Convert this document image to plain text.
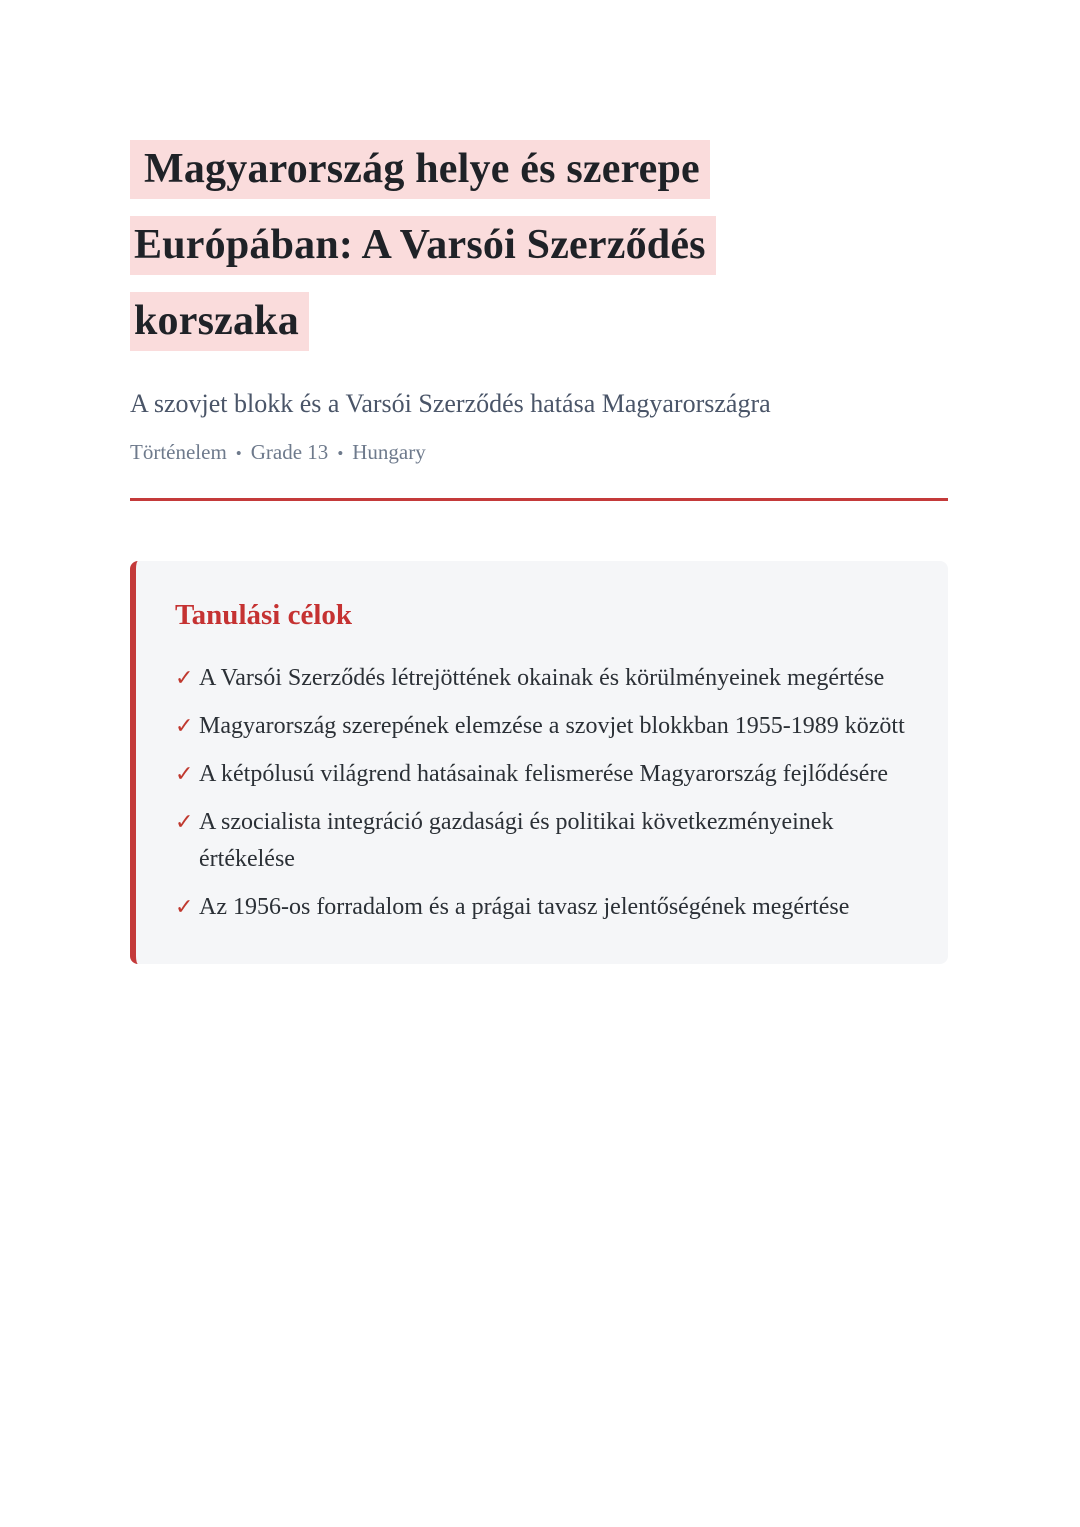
Magyarország helye és szerepe
Európában: A Varsói Szerződés
korszaka

A szovjet blokk és a Varsói Szerződés hatása Magyarországra

Történelem • Grade 13 • Hungary

Tanulási célok
✓ A Varsói Szerződés létrejöttének okainak és körülményeinek megértése
✓ Magyarország szerepének elemzése a szovjet blokkban 1955-1989 között
✓ A kétpólusú világrend hatásainak felismerése Magyarország fejlődésére
✓ A szocialista integráció gazdasági és politikai következményeinek értékelése
✓ Az 1956-os forradalom és a prágai tavasz jelentőségének megértése
